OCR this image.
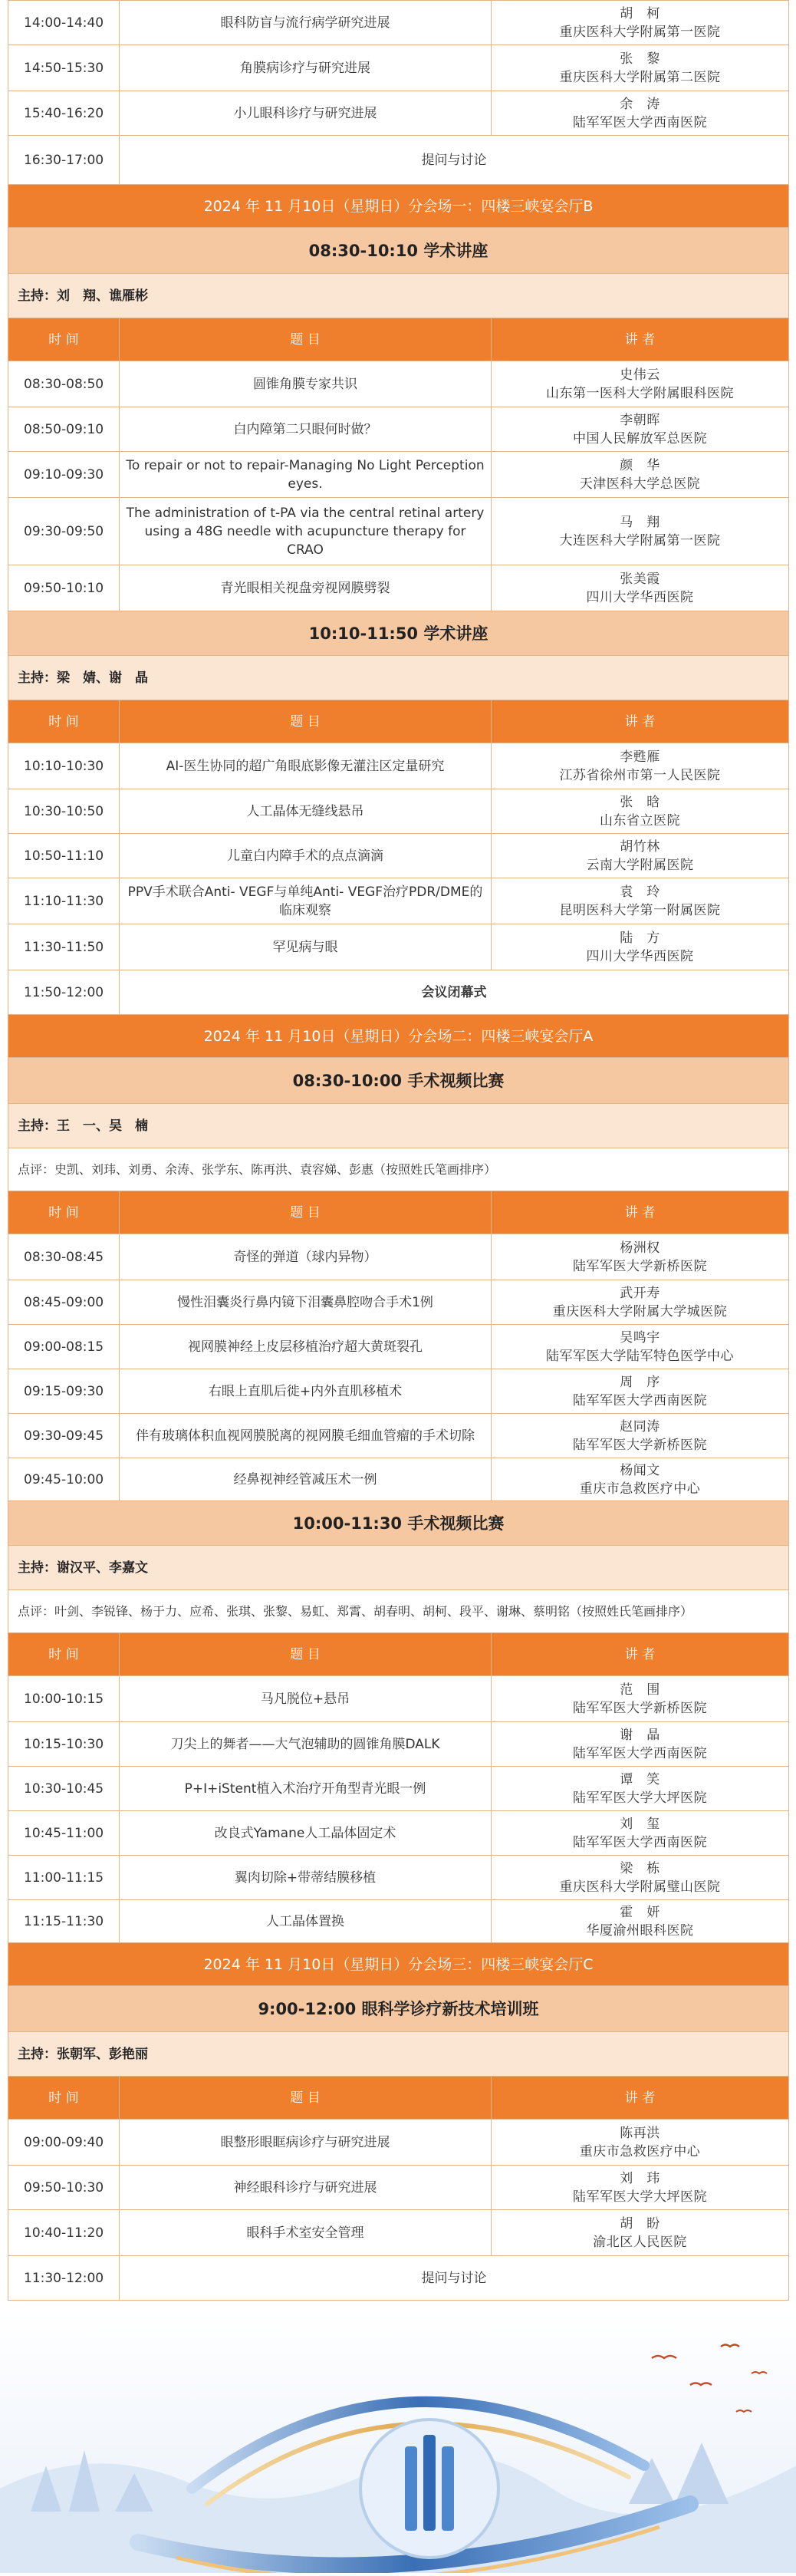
14:00-14:40	眼科防盲与流行病学研究进展	胡　柯
重庆医科大学附属第一医院

14:50-15:30	角膜病诊疗与研究进展	张　黎
重庆医科大学附属第二医院

15:40-16:20	小儿眼科诊疗与研究进展	余　涛
陆军军医大学西南医院

16:30-17:00	提问与讨论	
2024 年 11 月10日（星期日）分会场一：四楼三峡宴会厅B		
08:30-10:10 学术讲座		
主持：刘　翔、谯雁彬		
时 间	题 目	讲 者
08:30-08:50	圆锥角膜专家共识	史伟云
山东第一医科大学附属眼科医院

08:50-09:10	白内障第二只眼何时做？	李朝晖
中国人民解放军总医院

09:10-09:30	To repair or not to repair-Managing No Light Perception eyes.	颜　华
天津医科大学总医院

09:30-09:50	The administration of t-PA via the central retinal artery using a 48G needle with acupuncture therapy for CRAO	马　翔
大连医科大学附属第一医院

09:50-10:10	青光眼相关视盘旁视网膜劈裂	张美霞
四川大学华西医院

10:10-11:50 学术讲座		
主持：梁　婧、谢　晶		
时 间	题 目	讲 者
10:10-10:30	AI-医生协同的超广角眼底影像无灌注区定量研究	李甦雁
江苏省徐州市第一人民医院

10:30-10:50	人工晶体无缝线悬吊	张　晗
山东省立医院

10:50-11:10	儿童白内障手术的点点滴滴	胡竹林
云南大学附属医院

11:10-11:30	PPV手术联合Anti- VEGF与单纯Anti- VEGF治疗PDR/DME的临床观察	袁　玲
昆明医科大学第一附属医院

11:30-11:50	罕见病与眼	陆　方
四川大学华西医院

11:50-12:00	会议闭幕式	
2024 年 11 月10日（星期日）分会场二：四楼三峡宴会厅A		
08:30-10:00 手术视频比赛		
主持：王　一、吴　楠		
点评：史凯、刘玮、刘勇、余涛、张学东、陈再洪、袁容娣、彭惠（按照姓氏笔画排序）		
时 间	题 目	讲 者
08:30-08:45	奇怪的弹道（球内异物）	杨洲权
陆军军医大学新桥医院

08:45-09:00	慢性泪囊炎行鼻内镜下泪囊鼻腔吻合手术1例	武开寿
重庆医科大学附属大学城医院

09:00-08:15	视网膜神经上皮层移植治疗超大黄斑裂孔	吴鸣宇
陆军军医大学陆军特色医学中心

09:15-09:30	右眼上直肌后徙+内外直肌移植术	周　序
陆军军医大学西南医院

09:30-09:45	伴有玻璃体积血视网膜脱离的视网膜毛细血管瘤的手术切除	赵同涛
陆军军医大学新桥医院

09:45-10:00	经鼻视神经管减压术一例	杨闻文
重庆市急救医疗中心

10:00-11:30 手术视频比赛		
主持：谢汉平、李嘉文		
点评：叶剑、李锐锋、杨于力、应希、张琪、张黎、易虹、郑霄、胡春明、胡柯、段平、谢琳、蔡明铭（按照姓氏笔画排序）		
时 间	题 目	讲 者
10:00-10:15	马凡脱位+悬吊	范　围
陆军军医大学新桥医院

10:15-10:30	刀尖上的舞者——大气泡辅助的圆锥角膜DALK	谢　晶
陆军军医大学西南医院

10:30-10:45	P+I+iStent植入术治疗开角型青光眼一例	谭　笑
陆军军医大学大坪医院

10:45-11:00	改良式Yamane人工晶体固定术	刘　玺
陆军军医大学西南医院

11:00-11:15	翼肉切除+带蒂结膜移植	梁　栋
重庆医科大学附属璧山医院

11:15-11:30	人工晶体置换	霍　妍
华厦渝州眼科医院

2024 年 11 月10日（星期日）分会场三：四楼三峡宴会厅C		
9:00-12:00 眼科学诊疗新技术培训班		
主持：张朝军、彭艳丽		
时 间	题 目	讲 者
09:00-09:40	眼整形眼眶病诊疗与研究进展	陈再洪
重庆市急救医疗中心

09:50-10:30	神经眼科诊疗与研究进展	刘　玮
陆军军医大学大坪医院

10:40-11:20	眼科手术室安全管理	胡　盼
渝北区人民医院

11:30-12:00	提问与讨论	
